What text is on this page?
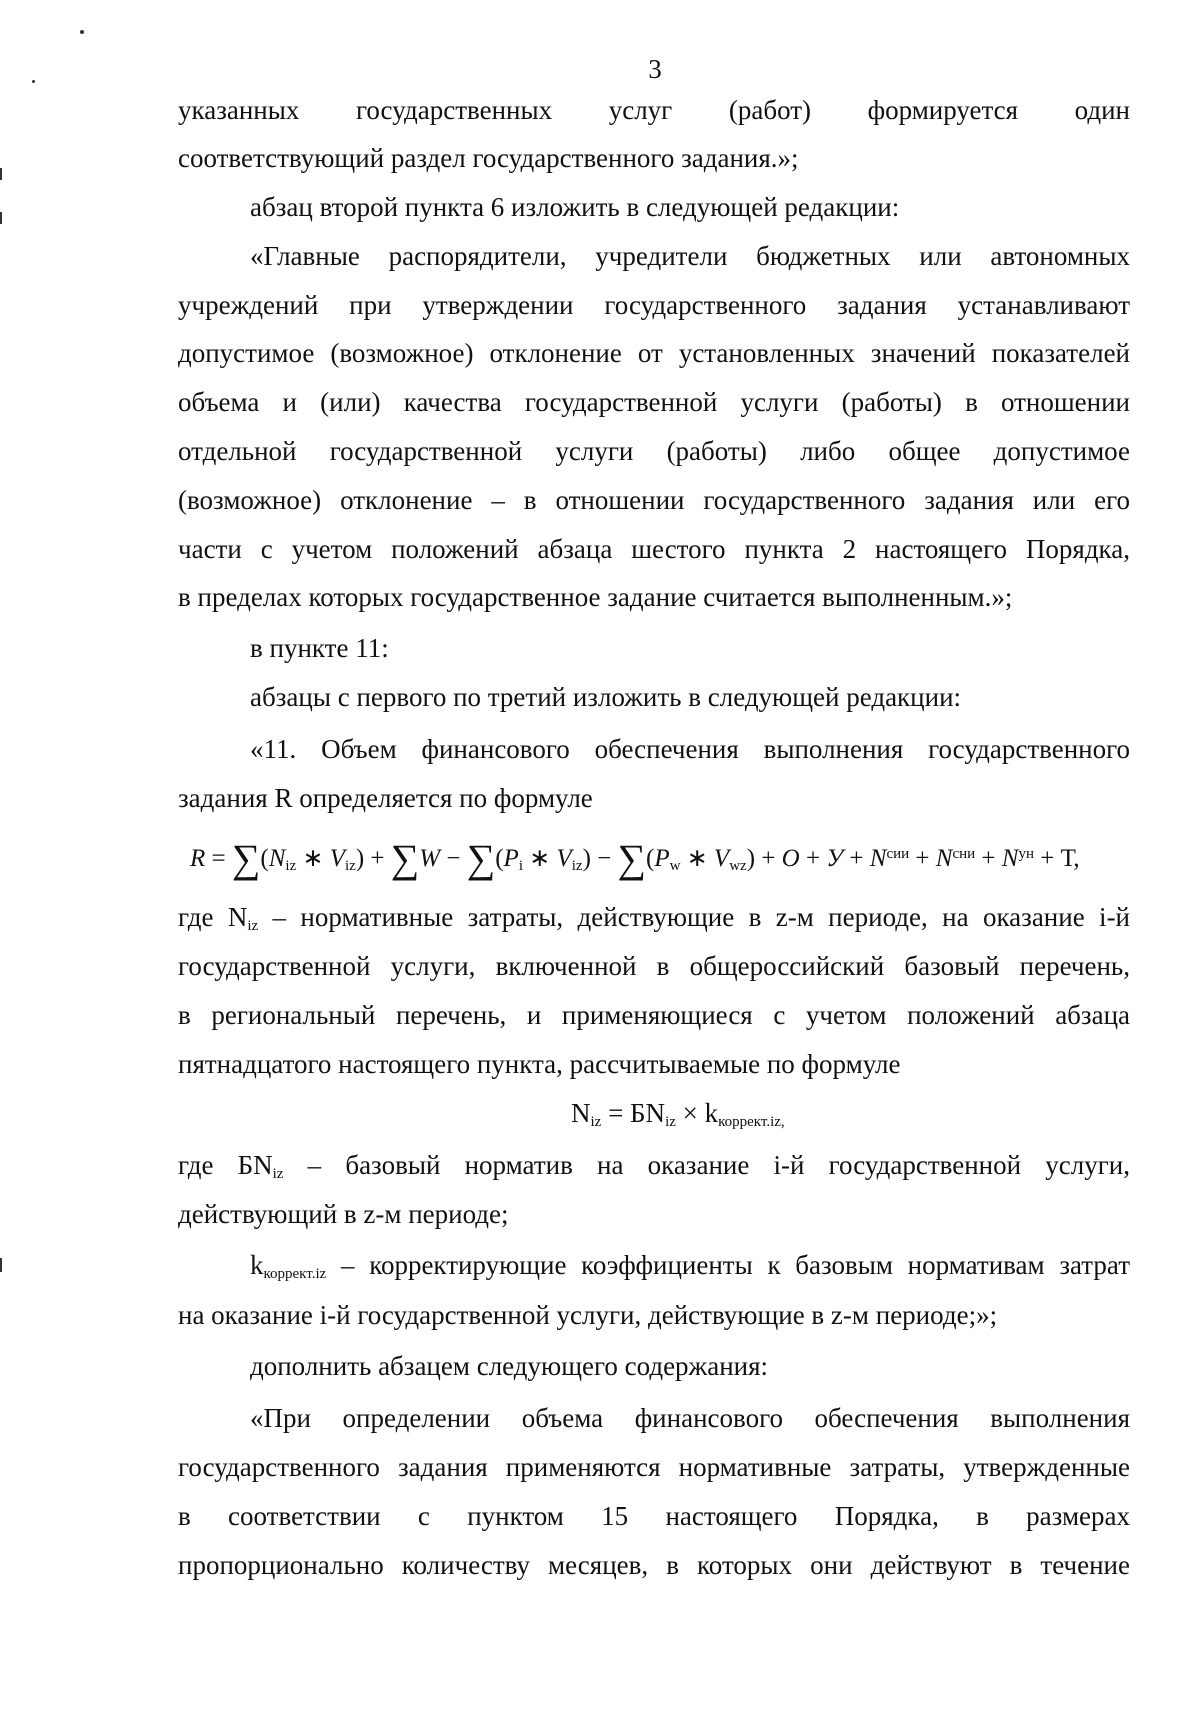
3
указанных государственных услуг (работ) формируется один
соответствующий раздел государственного задания.»;
абзац второй пункта 6 изложить в следующей редакции:
«Главные распорядители, учредители бюджетных или автономных
учреждений при утверждении государственного задания устанавливают
допустимое (возможное) отклонение от установленных значений показателей
объема и (или) качества государственной услуги (работы) в отношении
отдельной государственной услуги (работы) либо общее допустимое
(возможное) отклонение – в отношении государственного задания или его
части с учетом положений абзаца шестого пункта 2 настоящего Порядка,
в пределах которых государственное задание считается выполненным.»;
в пункте 11:
абзацы с первого по третий изложить в следующей редакции:
«11. Объем финансового обеспечения выполнения государственного
задания R определяется по формуле
$R = \sum(N_{iz}$ ∗ $V_{iz}) + \sum W - \sum(P_i$ ∗ $V_{iz}) - \sum(P_w$ ∗ $V_{wz}) + O + У + N^{сии} + N^{сни} + N^{ун} + Т$,
где $N_{iz}$ – нормативные затраты, действующие в z-м периоде, на оказание i-й
государственной услуги, включенной в общероссийский базовый перечень,
в региональный перечень, и применяющиеся с учетом положений абзаца
пятнадцатого настоящего пункта, рассчитываемые по формуле
$N_{iz} = БN_{iz} \times k_{коррект.iz,}$
где $БN_{iz}$ – базовый норматив на оказание i-й государственной услуги,
действующий в z-м периоде;
$k_{коррект.iz}$ – корректирующие коэффициенты к базовым нормативам затрат
на оказание i-й государственной услуги, действующие в z-м периоде;»;
дополнить абзацем следующего содержания:
«При определении объема финансового обеспечения выполнения
государственного задания применяются нормативные затраты, утвержденные
в соответствии с пунктом 15 настоящего Порядка, в размерах
пропорционально количеству месяцев, в которых они действуют в течение
